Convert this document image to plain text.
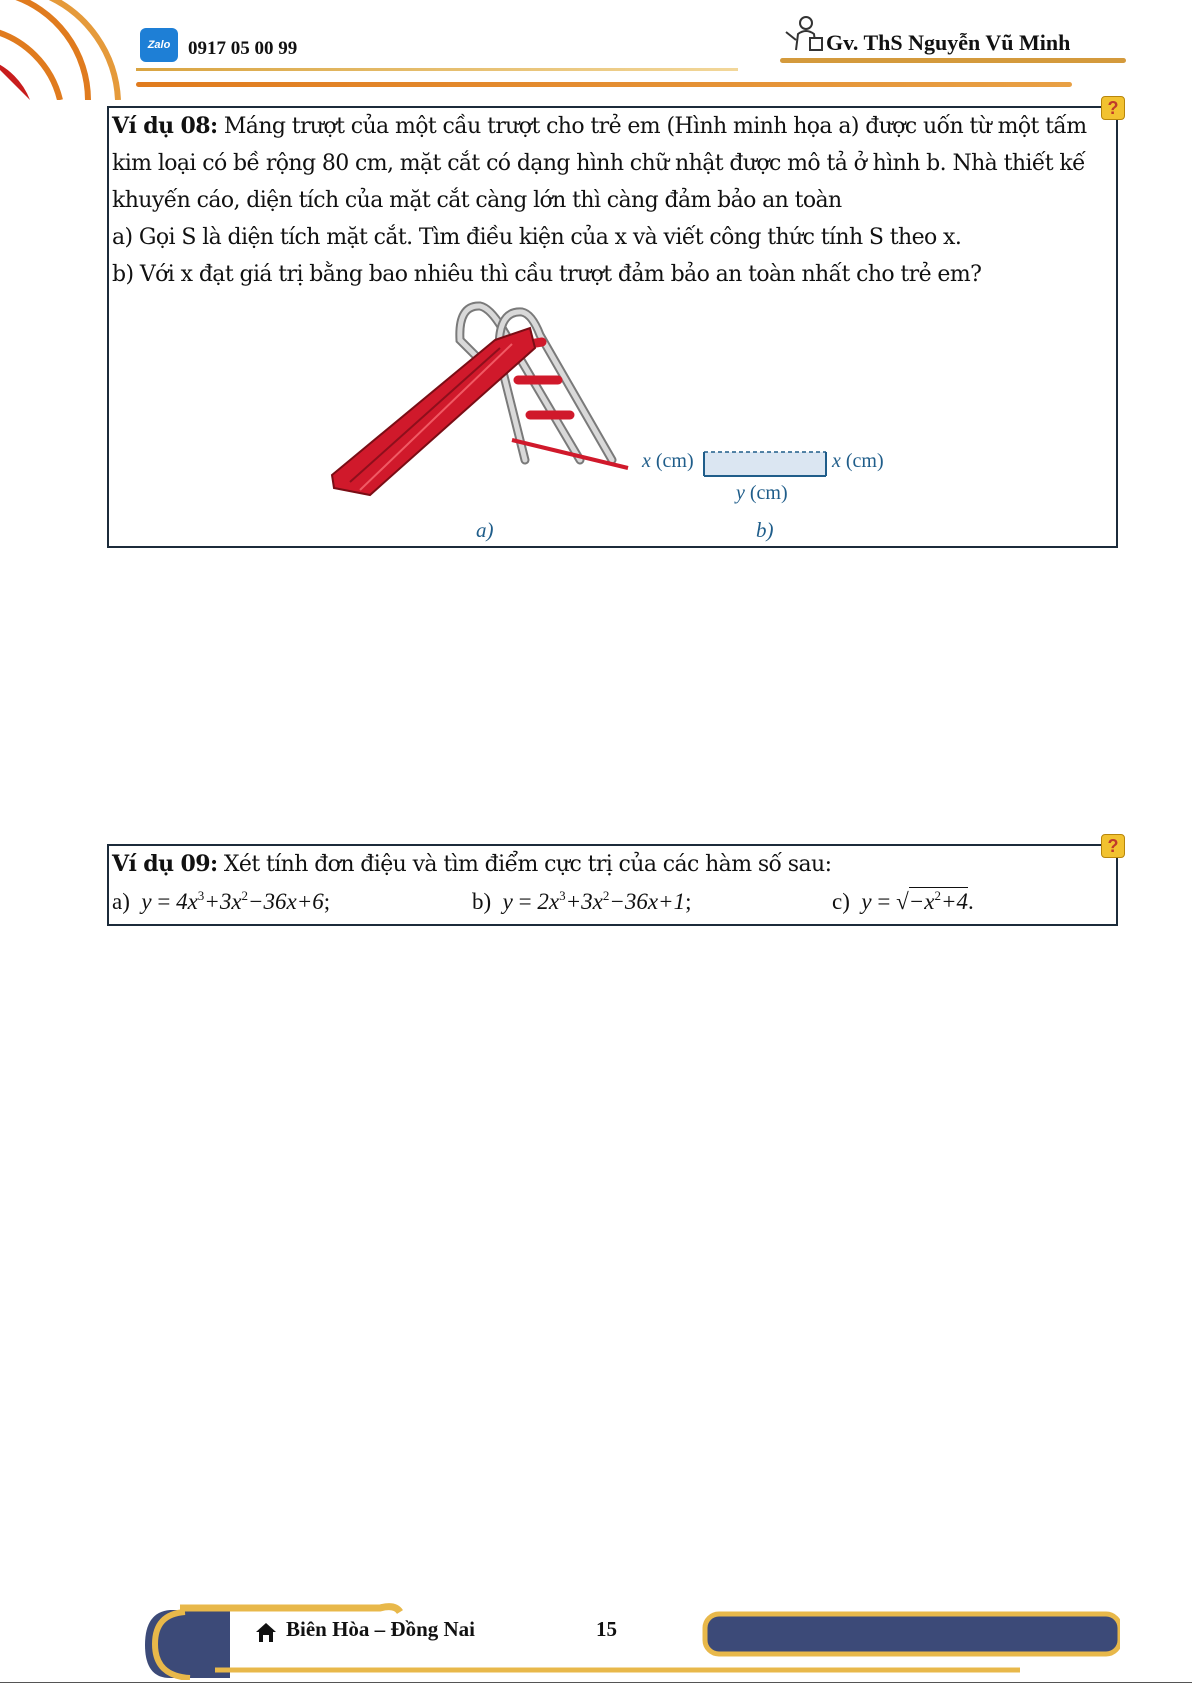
Zalo 0917 05 00 99	Gv. ThS Nguyễn Vũ Minh
?
Ví dụ 08: Máng trượt của một cầu trượt cho trẻ em (Hình minh họa a) được uốn từ một tấm
kim loại có bề rộng 80 cm, mặt cắt có dạng hình chữ nhật được mô tả ở hình b. Nhà thiết kế
khuyến cáo, diện tích của mặt cắt càng lớn thì càng đảm bảo an toàn
a) Gọi S là diện tích mặt cắt. Tìm điều kiện của x và viết công thức tính S theo x.
b) Với x đạt giá trị bằng bao nhiêu thì cầu trượt đảm bảo an toàn nhất cho trẻ em?
x (cm)	x (cm)
y (cm)
a)	b)
?
Ví dụ 09: Xét tính đơn điệu và tìm điểm cực trị của các hàm số sau:
a) $y = 4x^3+3x^2-36x+6$;	b) $y = 2x^3+3x^2-36x+1$;	c) $y = √-x^2+4$.
Biên Hòa – Đồng Nai	15
